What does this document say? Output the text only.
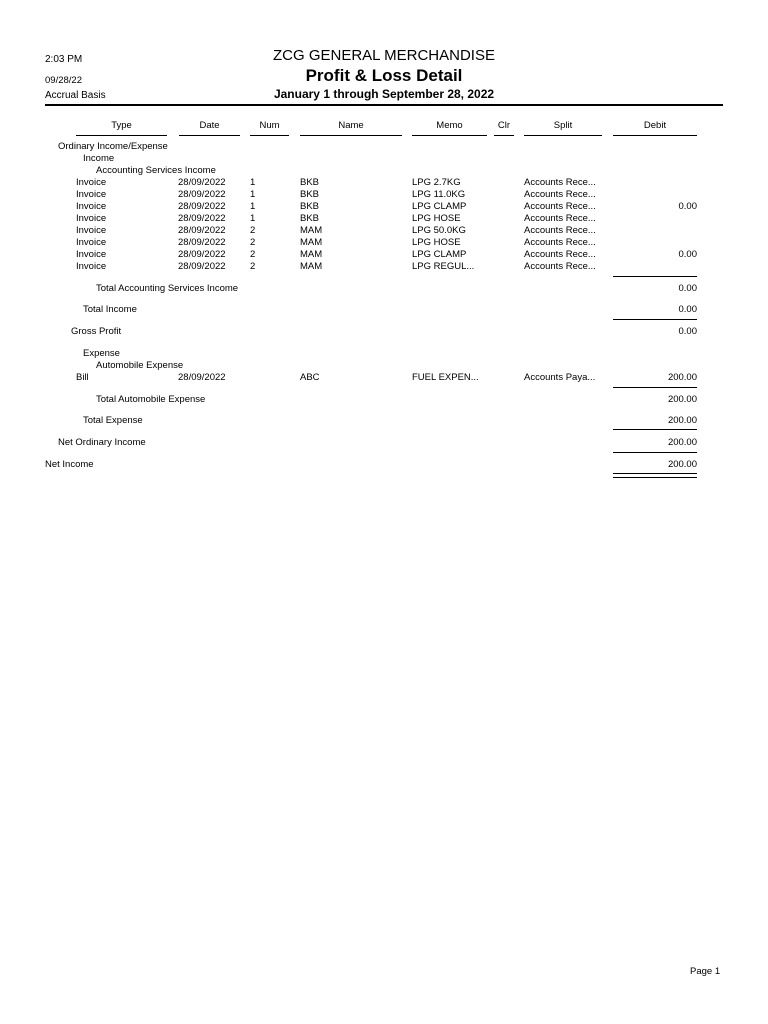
2:03 PM
09/28/22
Accrual Basis
ZCG GENERAL MERCHANDISE
Profit & Loss Detail
January 1 through September 28, 2022
Type	Date	Num	Name	Memo	Clr	Split	Debit
Ordinary Income/Expense
Income
Accounting Services Income
Invoice	28/09/2022	1	BKB	LPG 2.7KG	Accounts Rece...
Invoice	28/09/2022	1	BKB	LPG 11.0KG	Accounts Rece...
Invoice	28/09/2022	1	BKB	LPG CLAMP	Accounts Rece...	0.00
Invoice	28/09/2022	1	BKB	LPG HOSE	Accounts Rece...
Invoice	28/09/2022	2	MAM	LPG 50.0KG	Accounts Rece...
Invoice	28/09/2022	2	MAM	LPG HOSE	Accounts Rece...
Invoice	28/09/2022	2	MAM	LPG CLAMP	Accounts Rece...	0.00
Invoice	28/09/2022	2	MAM	LPG REGUL...	Accounts Rece...
Total Accounting Services Income	0.00
Total Income	0.00
Gross Profit	0.00
Expense
Automobile Expense
Bill	28/09/2022	ABC	FUEL EXPEN...	Accounts Paya...	200.00
Total Automobile Expense	200.00
Total Expense	200.00
Net Ordinary Income	200.00
Net Income	200.00
Page 1
